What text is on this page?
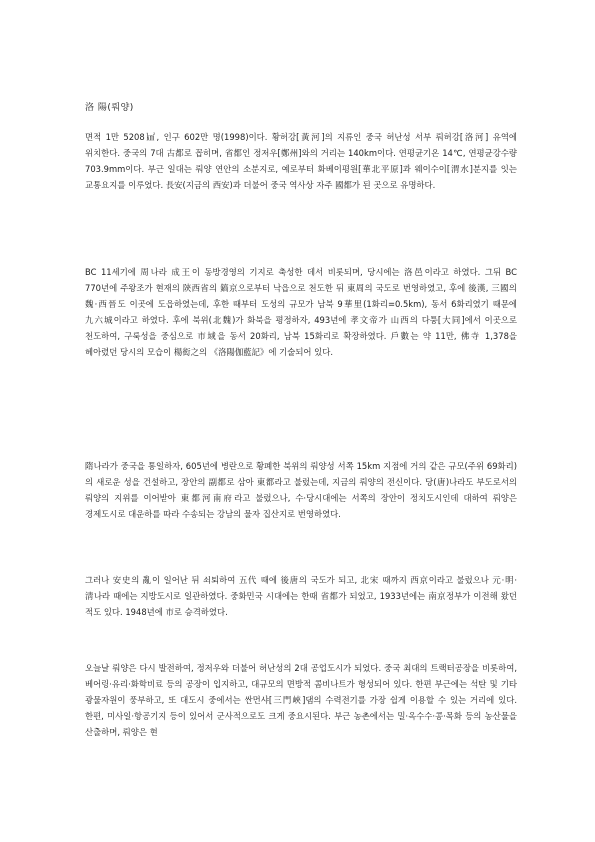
洛 陽(뤄양)

면적 1만 5208㎢, 인구 602만 명(1998)이다. 황허강[黃河]의 지류인 중국 허난성 서부 뤄허강[洛河] 유역에 위치한다. 중국의 7대 古都로 꼽히며, 省都인 정저우[鄭州]와의 거리는 140km이다. 연평균기온 14℃, 연평균강수량 703.9mm이다. 부근 일대는 뤄양 연안의 소분지로, 예로부터 화베이평원[華北平原]과 웨이수이[渭水]분지를 잇는 교통요지를 이루었다. 長安(지금의 西安)과 더불어 중국 역사상 자주 國都가 된 곳으로 유명하다.

BC 11세기에 周나라 成王이 동방경영의 기지로 축성한 데서 비롯되며, 당시에는 洛邑이라고 하였다. 그뒤 BC 770년에 주왕조가 현재의 陝西省의 鎬京으로부터 낙읍으로 천도한 뒤 東周의 국도로 번영하였고, 후에 後漢, 三國의 魏·西晉도 이곳에 도읍하였는데, 후한 때부터 도성의 규모가 남북 9華里(1화리=0.5km), 동서 6화리였기 때문에 九六城이라고 하였다. 후에 북위(北魏)가 화북을 평정하자, 493년에 孝文帝가 山西의 다퉁[大同]에서 이곳으로 천도하여, 구룩성을 중심으로 市域을 동서 20화리, 남북 15화리로 확장하였다. 戶數는 약 11만, 佛寺 1,378을 헤아렸던 당시의 모습이 楊衒之의 《洛陽伽藍記》에 기술되어 있다.

隋나라가 중국을 통일하자, 605년에 병란으로 황폐한 북위의 뤄양성 서쪽 15km 지점에 거의 같은 규모(주위 69화리)의 새로운 성을 건설하고, 장안의 副都로 삼아 東都라고 불렀는데, 지금의 뤄양의 전신이다. 당(唐)나라도 부도로서의 뤄양의 지위를 이어받아 東都河南府라고 불렀으나, 수·당시대에는 서쪽의 장안이 정치도시인데 대하여 뤄양은 경제도시로 대운하를 따라 수송되는 강남의 물자 집산지로 번영하였다.

그러나 安史의 亂이 일어난 뒤 쇠퇴하여 五代 때에 後唐의 국도가 되고, 北宋 때까지 西京이라고 불렀으나 元·明·淸나라 때에는 지방도시로 일관하였다. 중화민국 시대에는 한때 省都가 되었고, 1933년에는 南京정부가 이전해 왔던 적도 있다. 1948년에 市로 승격하였다.

오늘날 뤄양은 다시 발전하여, 정저우와 더불어 허난성의 2대 공업도시가 되었다. 중국 최대의 트랙터공장을 비롯하여, 베어링·유리·화학비료 등의 공장이 입지하고, 대규모의 면방적 콤비나트가 형성되어 있다. 한편 부근에는 석탄 및 기타 광물자원이 풍부하고, 또 대도시 중에서는 싼먼샤[三門峽]댐의 수력전기를 가장 쉽게 이용할 수 있는 거리에 있다. 한편, 미사일·항공기지 등이 있어서 군사적으로도 크게 중요시된다. 부근 농촌에서는 밀·옥수수·콩·목화 등의 농산물을 산출하며, 뤄양은 현
